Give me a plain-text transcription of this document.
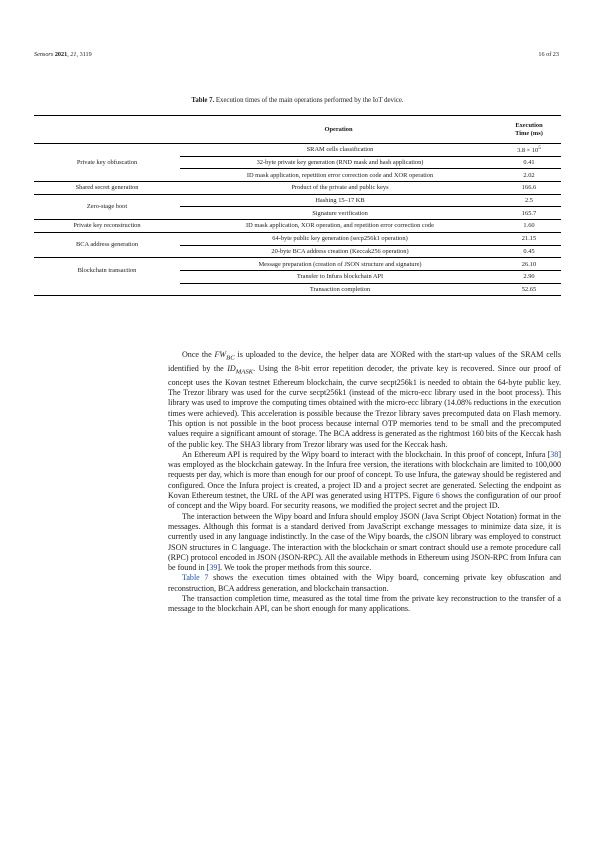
Sensors 2021, 21, 3119	16 of 23
Table 7. Execution times of the main operations performed by the IoT device.
	Operation	Execution
Time (ms)
Private key obfuscation	SRAM cells classification	$3.8 \times 10^5$
	32-byte private key generation (RND mask and hash application)	0.41
	ID mask application, repetition error correction code and XOR operation	2.02
Shared secret generation	Product of the private and public keys	166.6
Zero-stage boot	Hashing 15–17 KB	2.5
	Signature verification	165.7
Private key reconstruction	ID mask application, XOR operation, and repetition error correction code	1.60
BCA address generation	64-byte public key generation (secp256k1 operation)	21.15
	20-byte BCA address creation (Keccak256 operation)	0.45
Blockchain transaction	Message preparation (creation of JSON structure and signature)	26.10
	Transfer to Infura blockchain API	2.90
	Transaction completion	52.65

Once the $FW_{BC}$ is uploaded to the device, the helper data are XORed with the start-up values of the SRAM cells identified by the $ID_{MASK}$. Using the 8-bit error repetition decoder, the private key is recovered. Since our proof of concept uses the Kovan testnet Ethereum blockchain, the curve secpt256k1 is needed to obtain the 64-byte public key. The Trezor library was used for the curve secpt256k1 (instead of the micro-ecc library used in the boot process). This library was used to improve the computing times obtained with the micro-ecc library (14.08% reductions in the execution times were achieved). This acceleration is possible because the Trezor library saves precomputed data on Flash memory. This option is not possible in the boot process because internal OTP memories tend to be small and the precomputed values require a significant amount of storage. The BCA address is generated as the rightmost 160 bits of the Keccak hash of the public key. The SHA3 library from Trezor library was used for the Keccak hash.

An Ethereum API is required by the Wipy board to interact with the blockchain. In this proof of concept, Infura [38] was employed as the blockchain gateway. In the Infura free version, the iterations with blockchain are limited to 100,000 requests per day, which is more than enough for our proof of concept. To use Infura, the gateway should be registered and configured. Once the Infura project is created, a project ID and a project secret are generated. Selecting the endpoint as Kovan Ethereum testnet, the URL of the API was generated using HTTPS. Figure 6 shows the configuration of our proof of concept and the Wipy board. For security reasons, we modified the project secret and the project ID.

The interaction between the Wipy board and Infura should employ JSON (Java Script Object Notation) format in the messages. Although this format is a standard derived from JavaScript exchange messages to minimize data size, it is currently used in any language indistinctly. In the case of the Wipy boards, the cJSON library was employed to construct JSON structures in C language. The interaction with the blockchain or smart contract should use a remote procedure call (RPC) protocol encoded in JSON (JSON-RPC). All the available methods in Ethereum using JSON-RPC from Infura can be found in [39]. We took the proper methods from this source.

Table 7 shows the execution times obtained with the Wipy board, concerning private key obfuscation and reconstruction, BCA address generation, and blockchain transaction.

The transaction completion time, measured as the total time from the private key reconstruction to the transfer of a message to the blockchain API, can be short enough for many applications.
